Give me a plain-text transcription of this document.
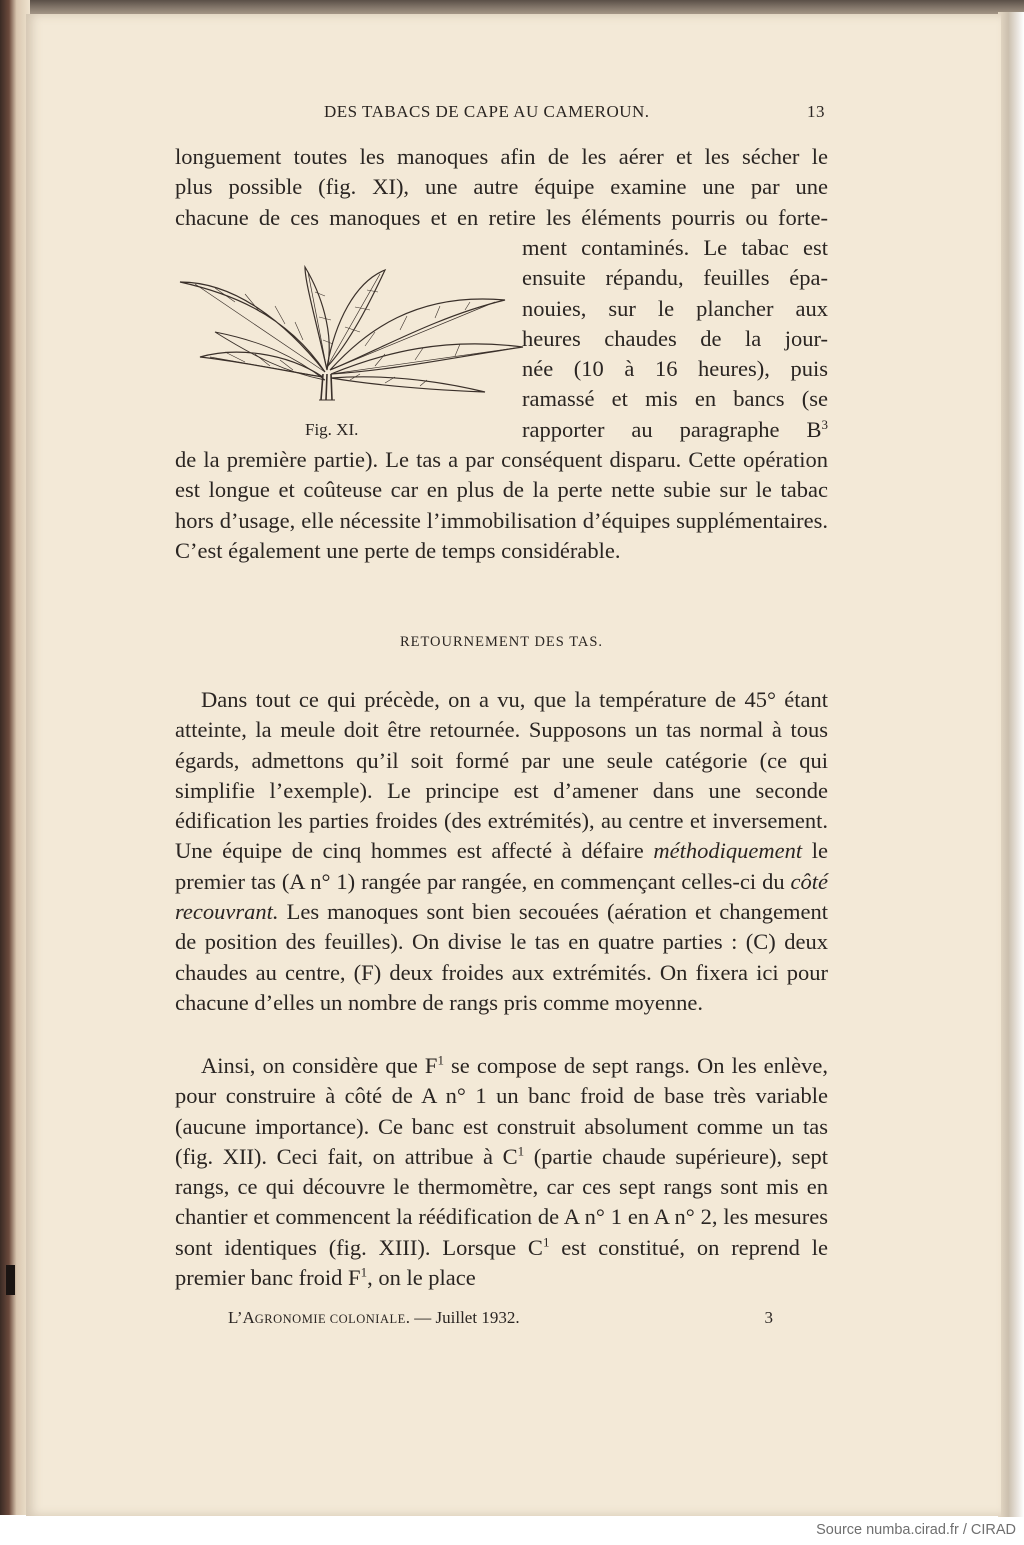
DES TABACS DE CAPE AU CAMEROUN.	13

longuement toutes les manoques afin de les aérer et les sécher le

plus possible (fig. XI), une autre équipe examine une par une

chacune de ces manoques et en retire les éléments pourris ou forte-

Fig. XI.

ment contaminés. Le tabac est

ensuite répandu, feuilles épa-

nouies, sur le plancher aux

heures chaudes de la jour-

née (10 à 16 heures), puis

ramassé et mis en bancs (se

rapporter au paragraphe $B^3$

de la première partie). Le tas a par conséquent disparu. Cette opération est longue et coûteuse car en plus de la perte nette subie sur le tabac hors d’usage, elle nécessite l’immobilisation d’équipes supplémentaires. C’est également une perte de temps considérable.

RETOURNEMENT DES TAS.

Dans tout ce qui précède, on a vu, que la température de 45° étant atteinte, la meule doit être retournée. Supposons un tas normal à tous égards, admettons qu’il soit formé par une seule catégorie (ce qui simplifie l’exemple). Le principe est d’amener dans une seconde édification les parties froides (des extrémités), au centre et inversement. Une équipe de cinq hommes est affecté à défaire méthodiquement le premier tas (A n° 1) rangée par rangée, en commençant celles-ci du côté recouvrant. Les manoques sont bien secouées (aération et changement de position des feuilles). On divise le tas en quatre parties : (C) deux chaudes au centre, (F) deux froides aux extrémités. On fixera ici pour chacune d’elles un nombre de rangs pris comme moyenne.

Ainsi, on considère que $F^1$ se compose de sept rangs. On les enlève, pour construire à côté de A n° 1 un banc froid de base très variable (aucune importance). Ce banc est construit absolument comme un tas (fig. XII). Ceci fait, on attribue à $C^1$ (partie chaude supérieure), sept rangs, ce qui découvre le thermomètre, car ces sept rangs sont mis en chantier et commencent la réédification de A n° 1 en A n° 2, les mesures sont identiques (fig. XIII). Lorsque $C^1$ est constitué, on reprend le premier banc froid $F^1$, on le place

L’AGRONOMIE COLONIALE. — Juillet 1932.	3
Source numba.cirad.fr / CIRAD
